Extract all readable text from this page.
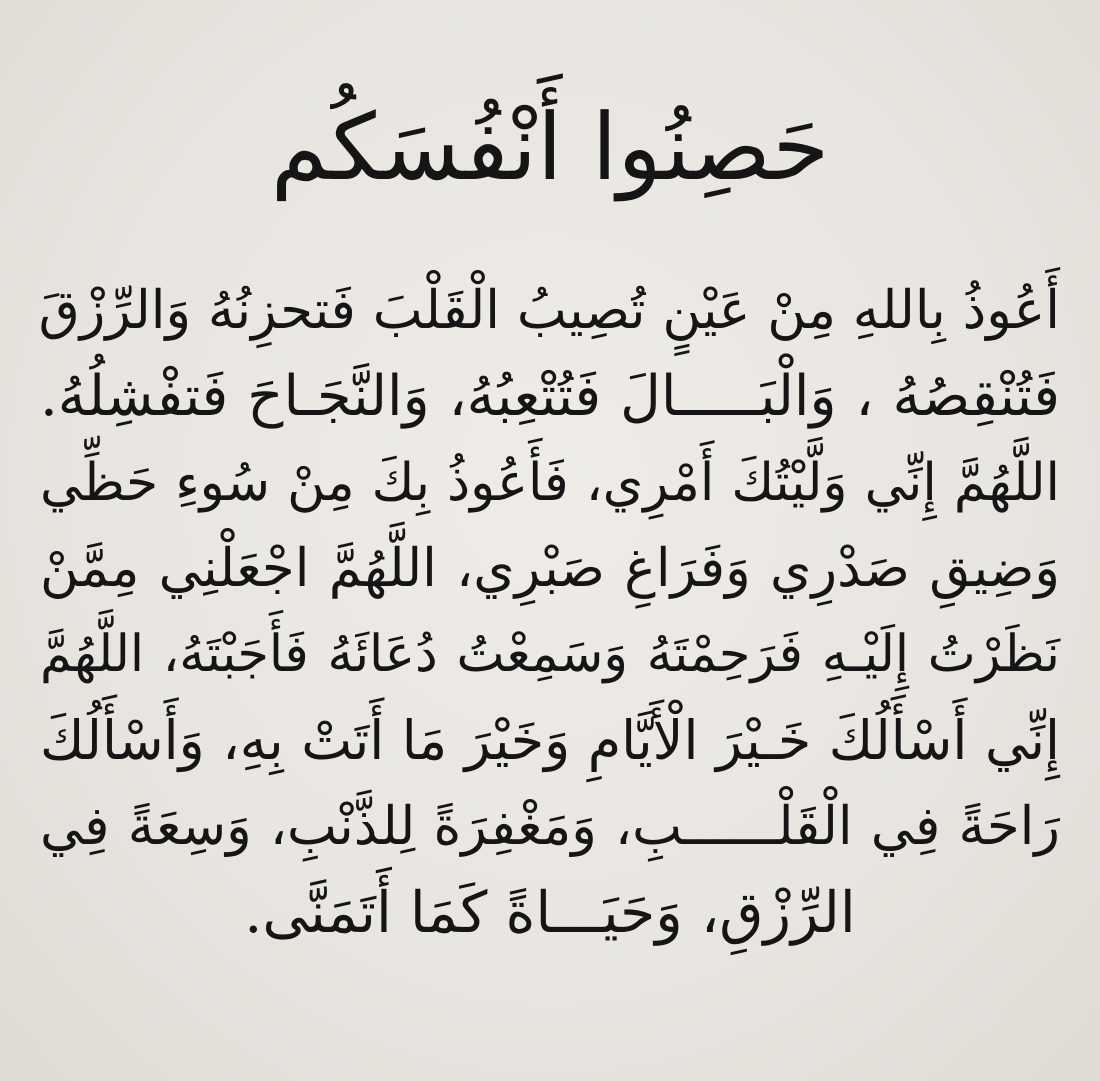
حَصِنُوا أَنْفُسَكُم
أَعُوذُ بِاللهِ مِنْ عَيْنٍ تُصِيبُ الْقَلْبَ فَتحزِنُهُ وَالرِّزْقَ
فَتُنْقِصُهُ ، وَالْبَـــــالَ فَتُتْعِبُهُ، وَالنَّجَـاحَ فَتفْشِلُهُ.
اللَّهُمَّ إِنِّي وَلَّيْتُكَ أَمْرِي، فَأَعُوذُ بِكَ مِنْ سُوءِ حَظِّي
وَضِيقِ صَدْرِي وَفَرَاغِ صَبْرِي، اللَّهُمَّ اجْعَلْنِي مِمَّنْ
نَظَرْتُ إِلَيْـهِ فَرَحِمْتَهُ وَسَمِعْتُ دُعَائَهُ فَأَجَبْتَهُ، اللَّهُمَّ
إِنِّي أَسْأَلُكَ خَـيْرَ الْأَيَّامِ وَخَيْرَ مَا أَتَتْ بِهِ، وَأَسْأَلُكَ
رَاحَةً فِي الْقَلْــــــبِ، وَمَغْفِرَةً لِلذَّنْبِ، وَسِعَةً فِي
الرِّزْقِ، وَحَيَـــاةً كَمَا أَتَمَنَّى.
